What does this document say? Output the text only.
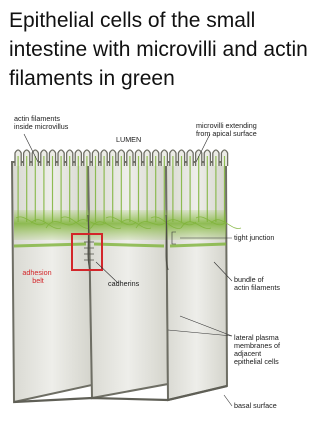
Epithelial cells of the small intestine with microvilli and actin filaments in green
actin filaments inside microvillus
LUMEN
microvilli extending from apical surface
tight junction
adhesion belt	cadherins	bundle of actin filaments
lateral plasma membranes of adjacent epithelial cells
basal surface
